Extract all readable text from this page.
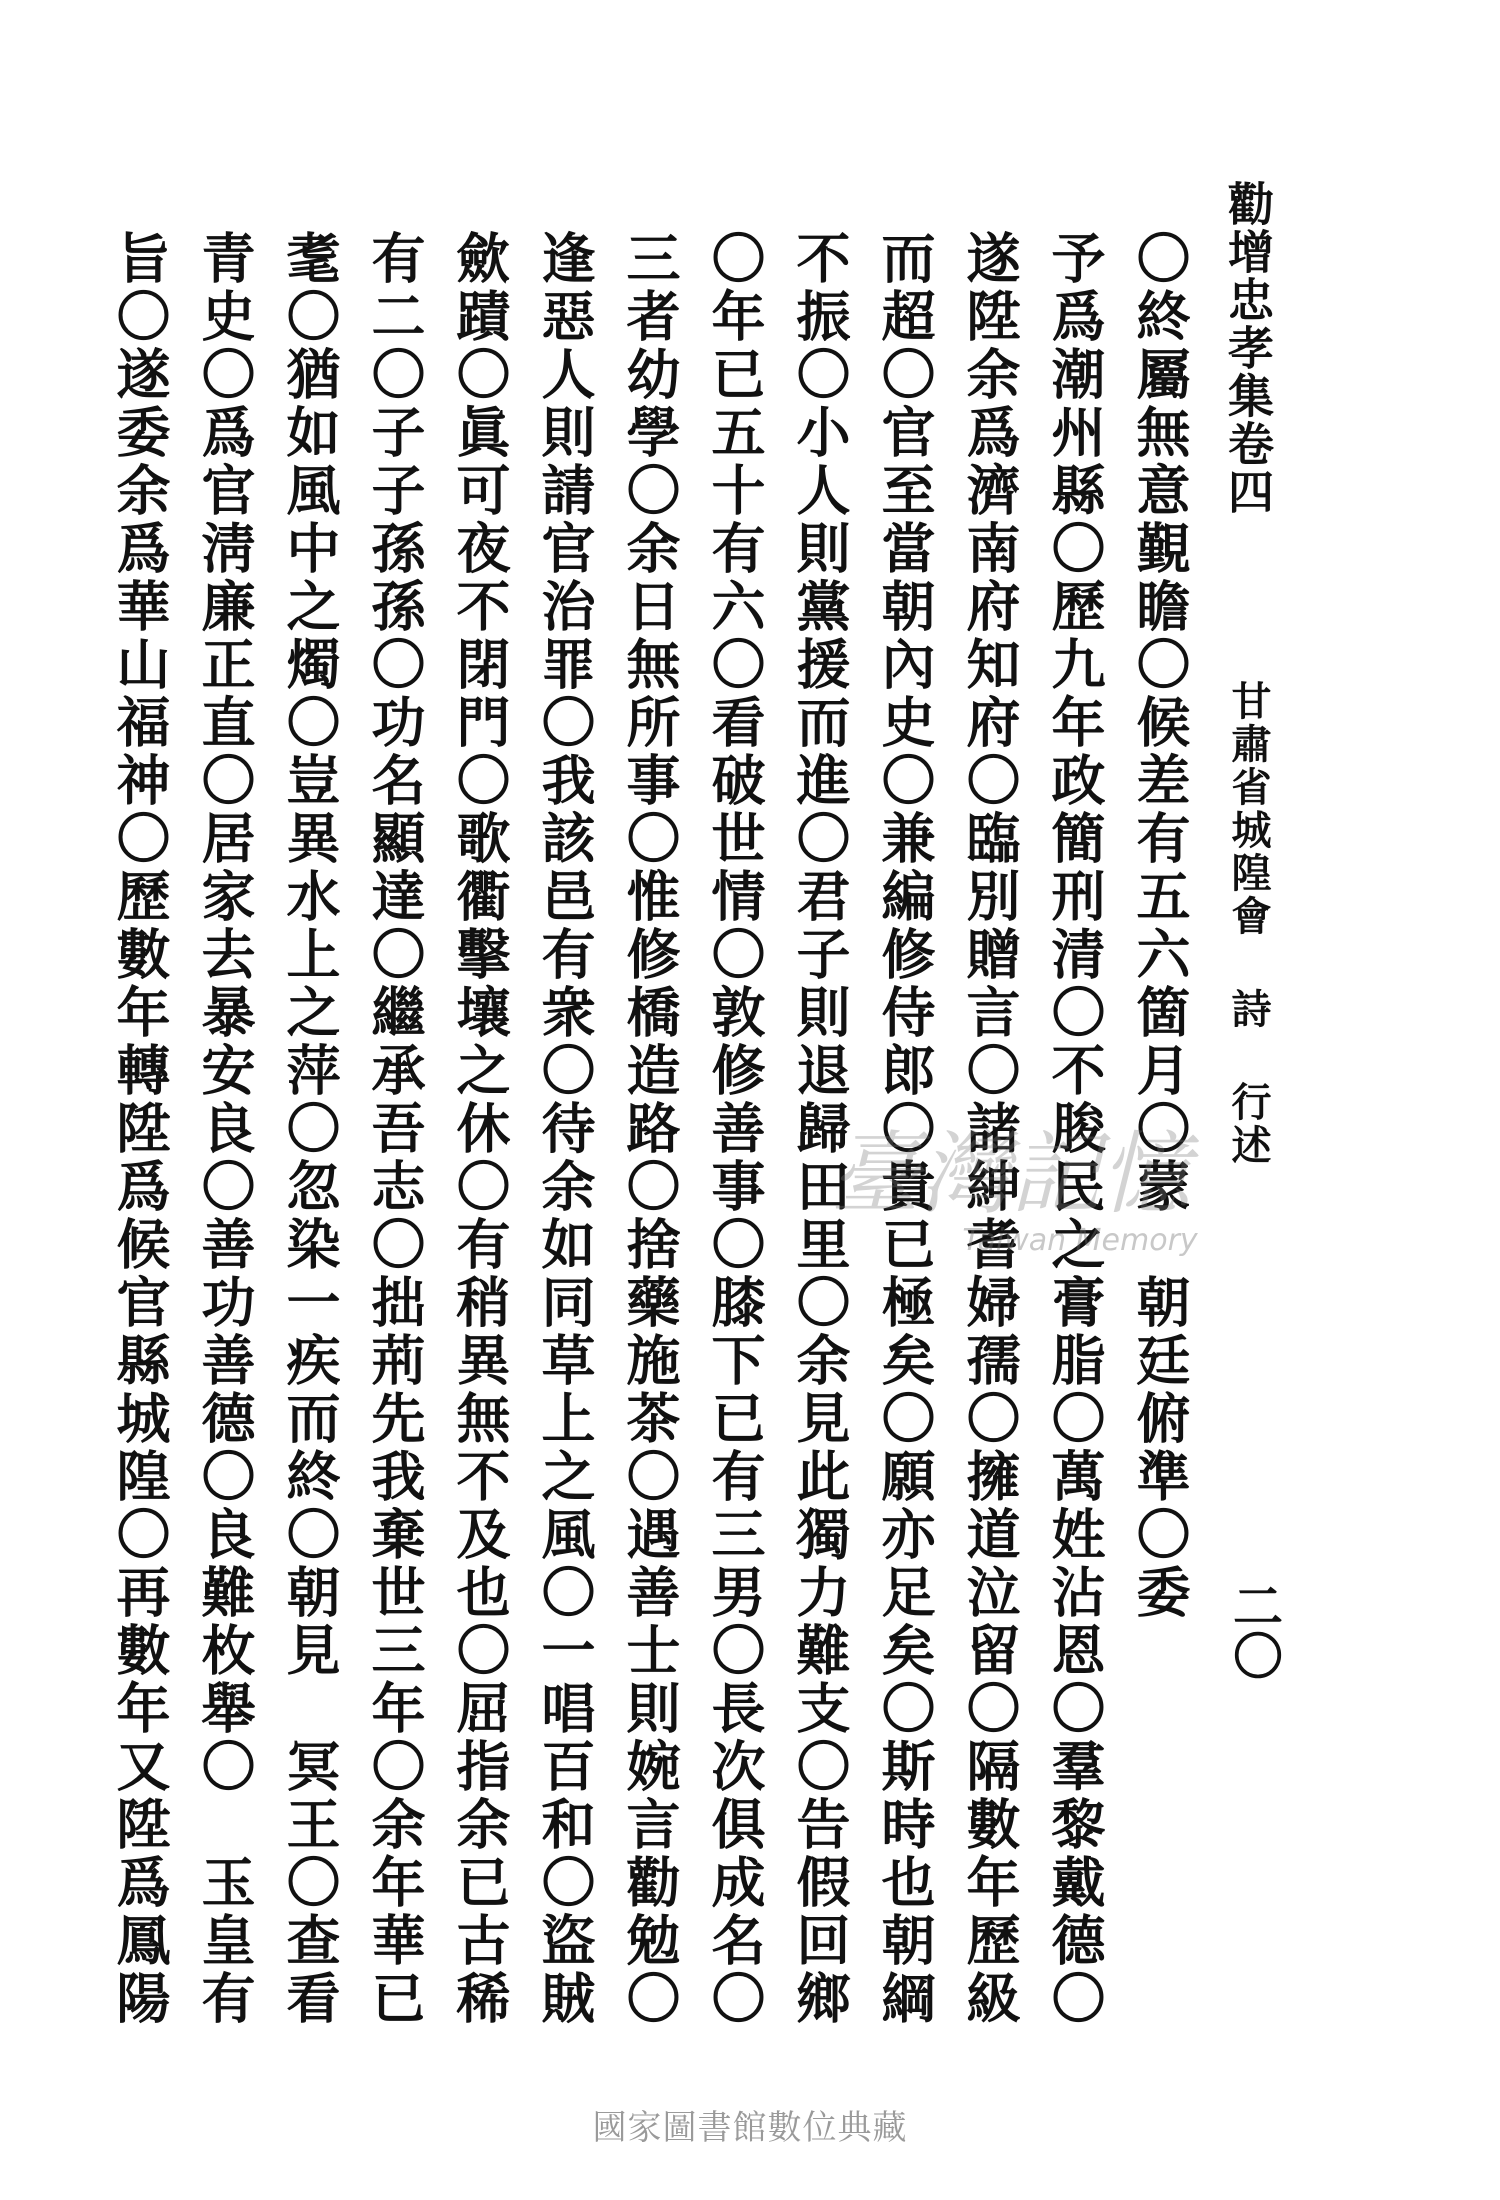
勸增忠孝集卷四
甘肅省城隍會 詩 行述
二〇
〇終屬無意覲瞻〇候差有五六箇月〇蒙　朝廷俯準〇委
予爲潮州縣〇歷九年政簡刑清〇不朘民之膏脂〇萬姓沾恩〇羣黎戴德〇
遂陞余爲濟南府知府〇臨別贈言〇諸紳耆婦孺〇擁道泣留〇隔數年歷級
而超〇官至當朝內史〇兼編修侍郎〇貴已極矣〇願亦足矣〇斯時也朝綱
不振〇小人則黨援而進〇君子則退歸田里〇余見此獨力難支〇告假回鄉
〇年已五十有六〇看破世情〇敦修善事〇膝下已有三男〇長次俱成名〇
三者幼學〇余日無所事〇惟修橋造路〇捨藥施茶〇遇善士則婉言勸勉〇
逢惡人則請官治罪〇我該邑有衆〇待余如同草上之風〇一唱百和〇盜賊
歛蹟〇眞可夜不閉門〇歌衢擊壤之休〇有稍異無不及也〇屈指余已古稀
有二〇子子孫孫〇功名顯達〇繼承吾志〇拙荊先我棄世三年〇余年華已
耄〇猶如風中之燭〇豈異水上之萍〇忽染一疾而終〇朝見　冥王〇查看
青史〇爲官淸廉正直〇居家去暴安良〇善功善德〇良難枚舉〇　玉皇有
旨〇遂委余爲華山福神〇歷數年轉陞爲候官縣城隍〇再數年又陞爲鳳陽	臺灣記憶
Taiwan Memory
國家圖書館數位典藏
